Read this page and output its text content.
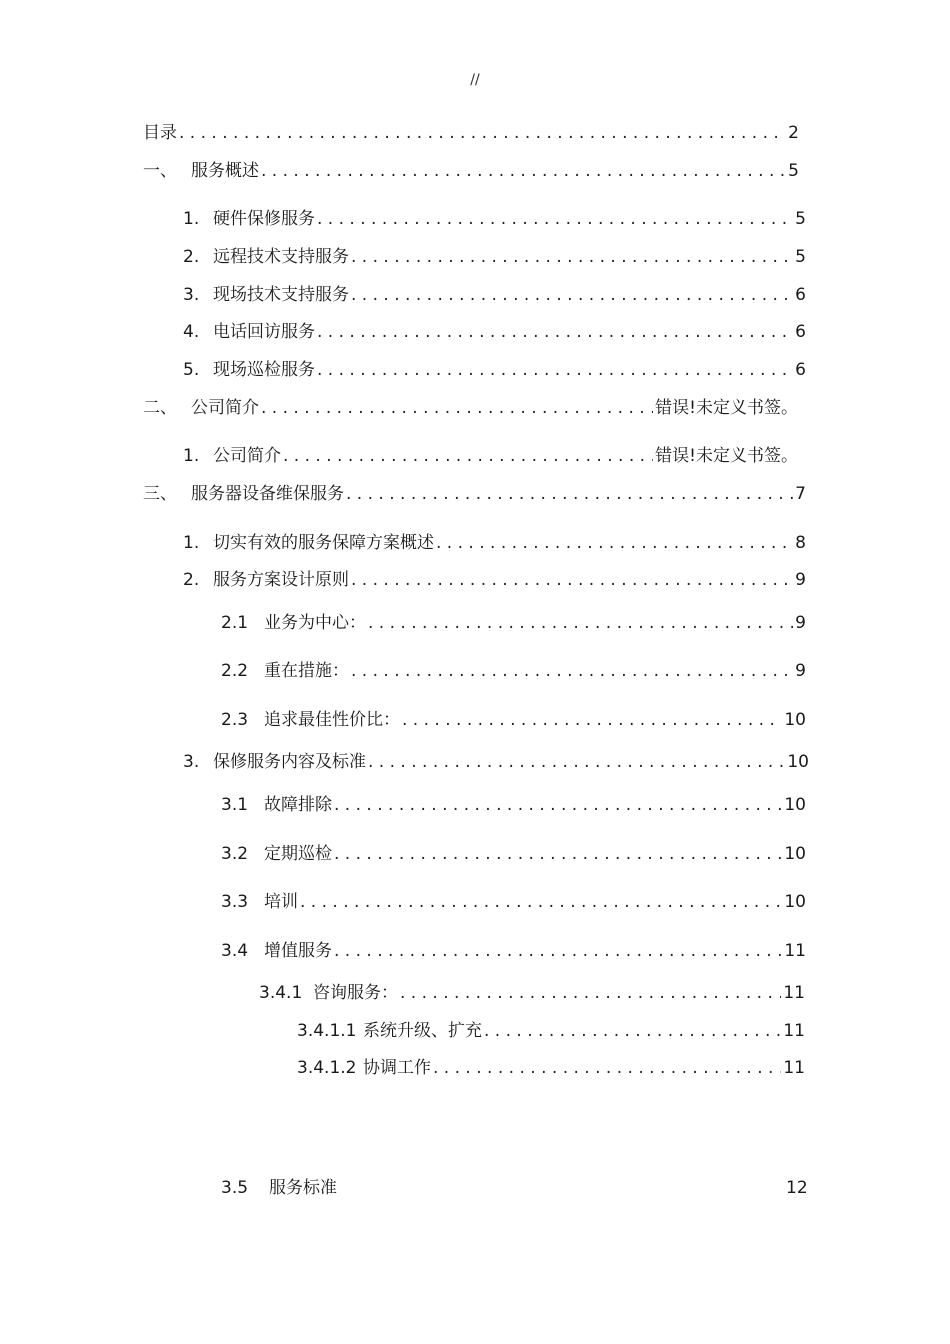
//
目录 . . .	2
一、 服务概述 . . .	5
1. 硬件保修服务 . . .	5
2. 远程技术支持服务 . . .	5
3. 现场技术支持服务 . . .	6
4. 电话回访服务 . . .	6
5. 现场巡检服务 . . .	6
二、 公司简介 . . .	错误!未定义书签。
1. 公司简介 . . .	错误!未定义书签。
三、 服务器设备维保服务 . . .	7
1. 切实有效的服务保障方案概述 . . .	8
2. 服务方案设计原则 . . .	9
2.1 业务为中心： . . .	9
2.2 重在措施： . . .	9
2.3 追求最佳性价比： . . .	10
3. 保修服务内容及标准 . . .	10
3.1 故障排除 . . .	10
3.2 定期巡检 . . .	10
3.3 培训 . . .	10
3.4 增值服务 . . .	11
3.4.1 咨询服务： . . .	11
3.4.1.1 系统升级、扩充 . . .	11
3.4.1.2 协调工作 . . .	11
3.5 服务标准	12
